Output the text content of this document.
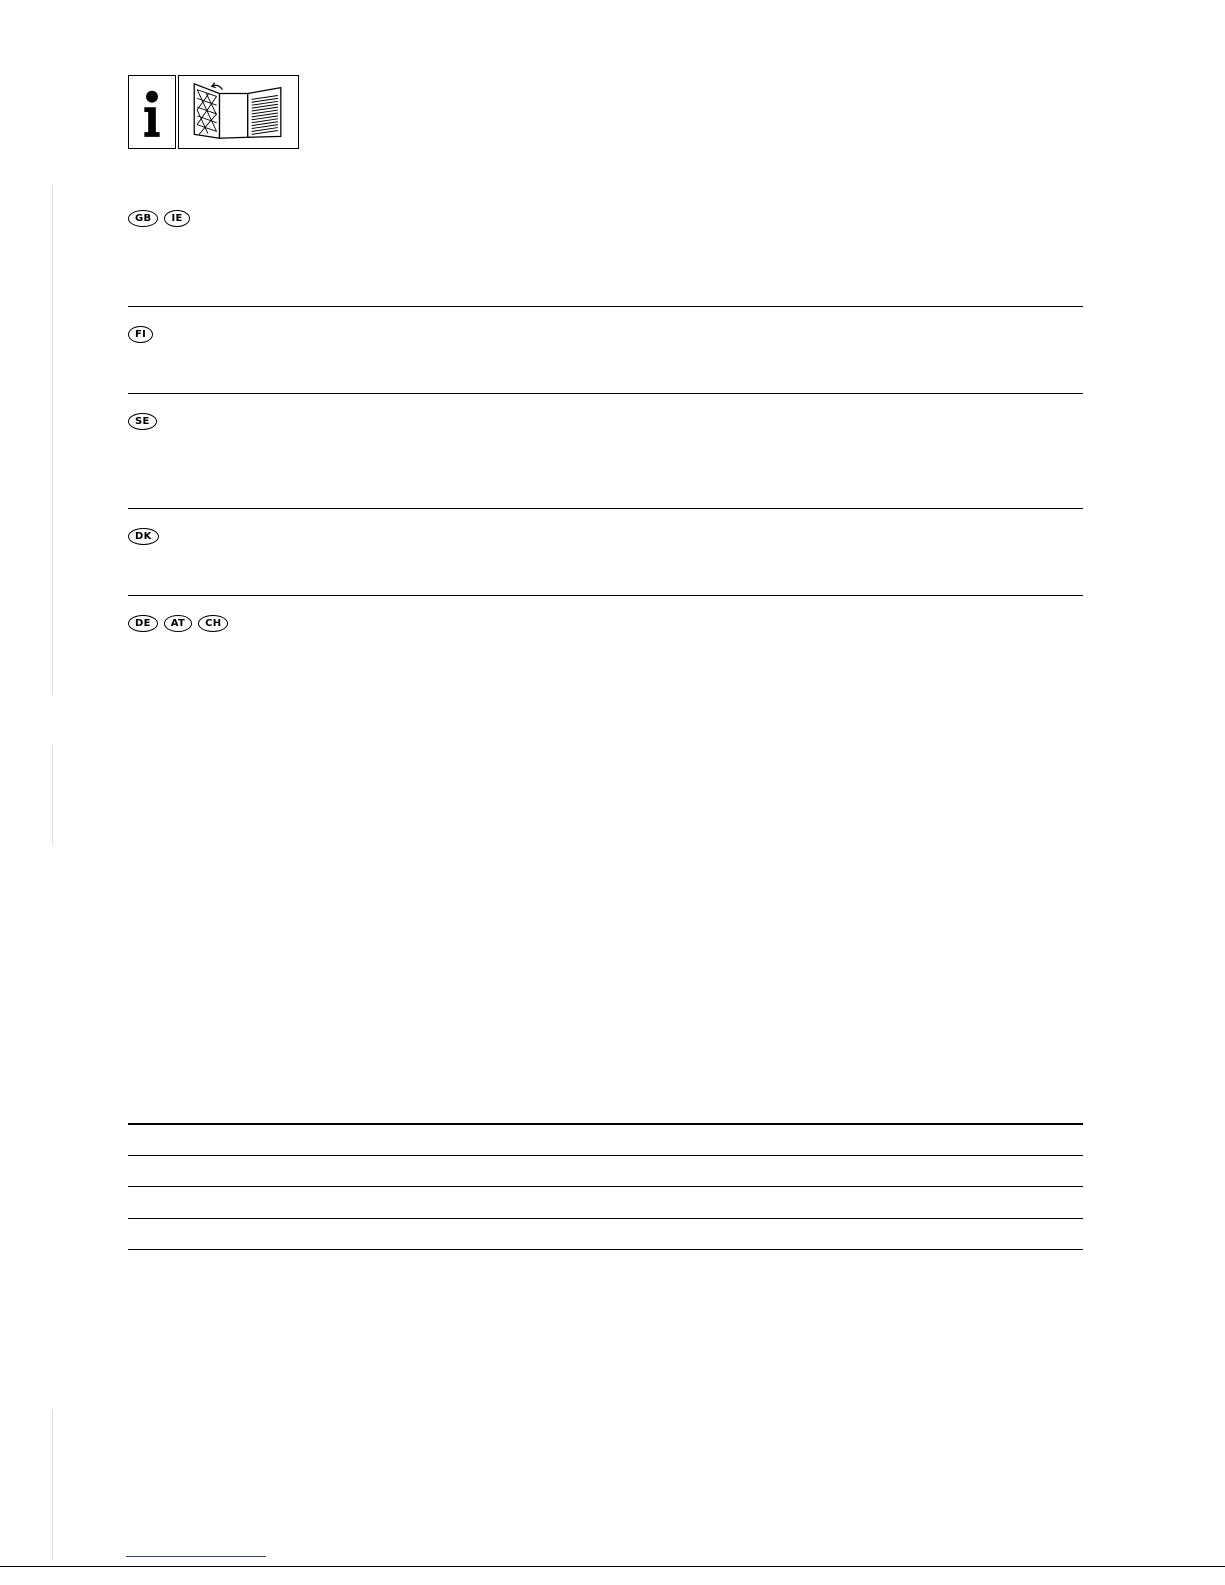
GB	IE
FI
SE
DK
DE	AT	CH
